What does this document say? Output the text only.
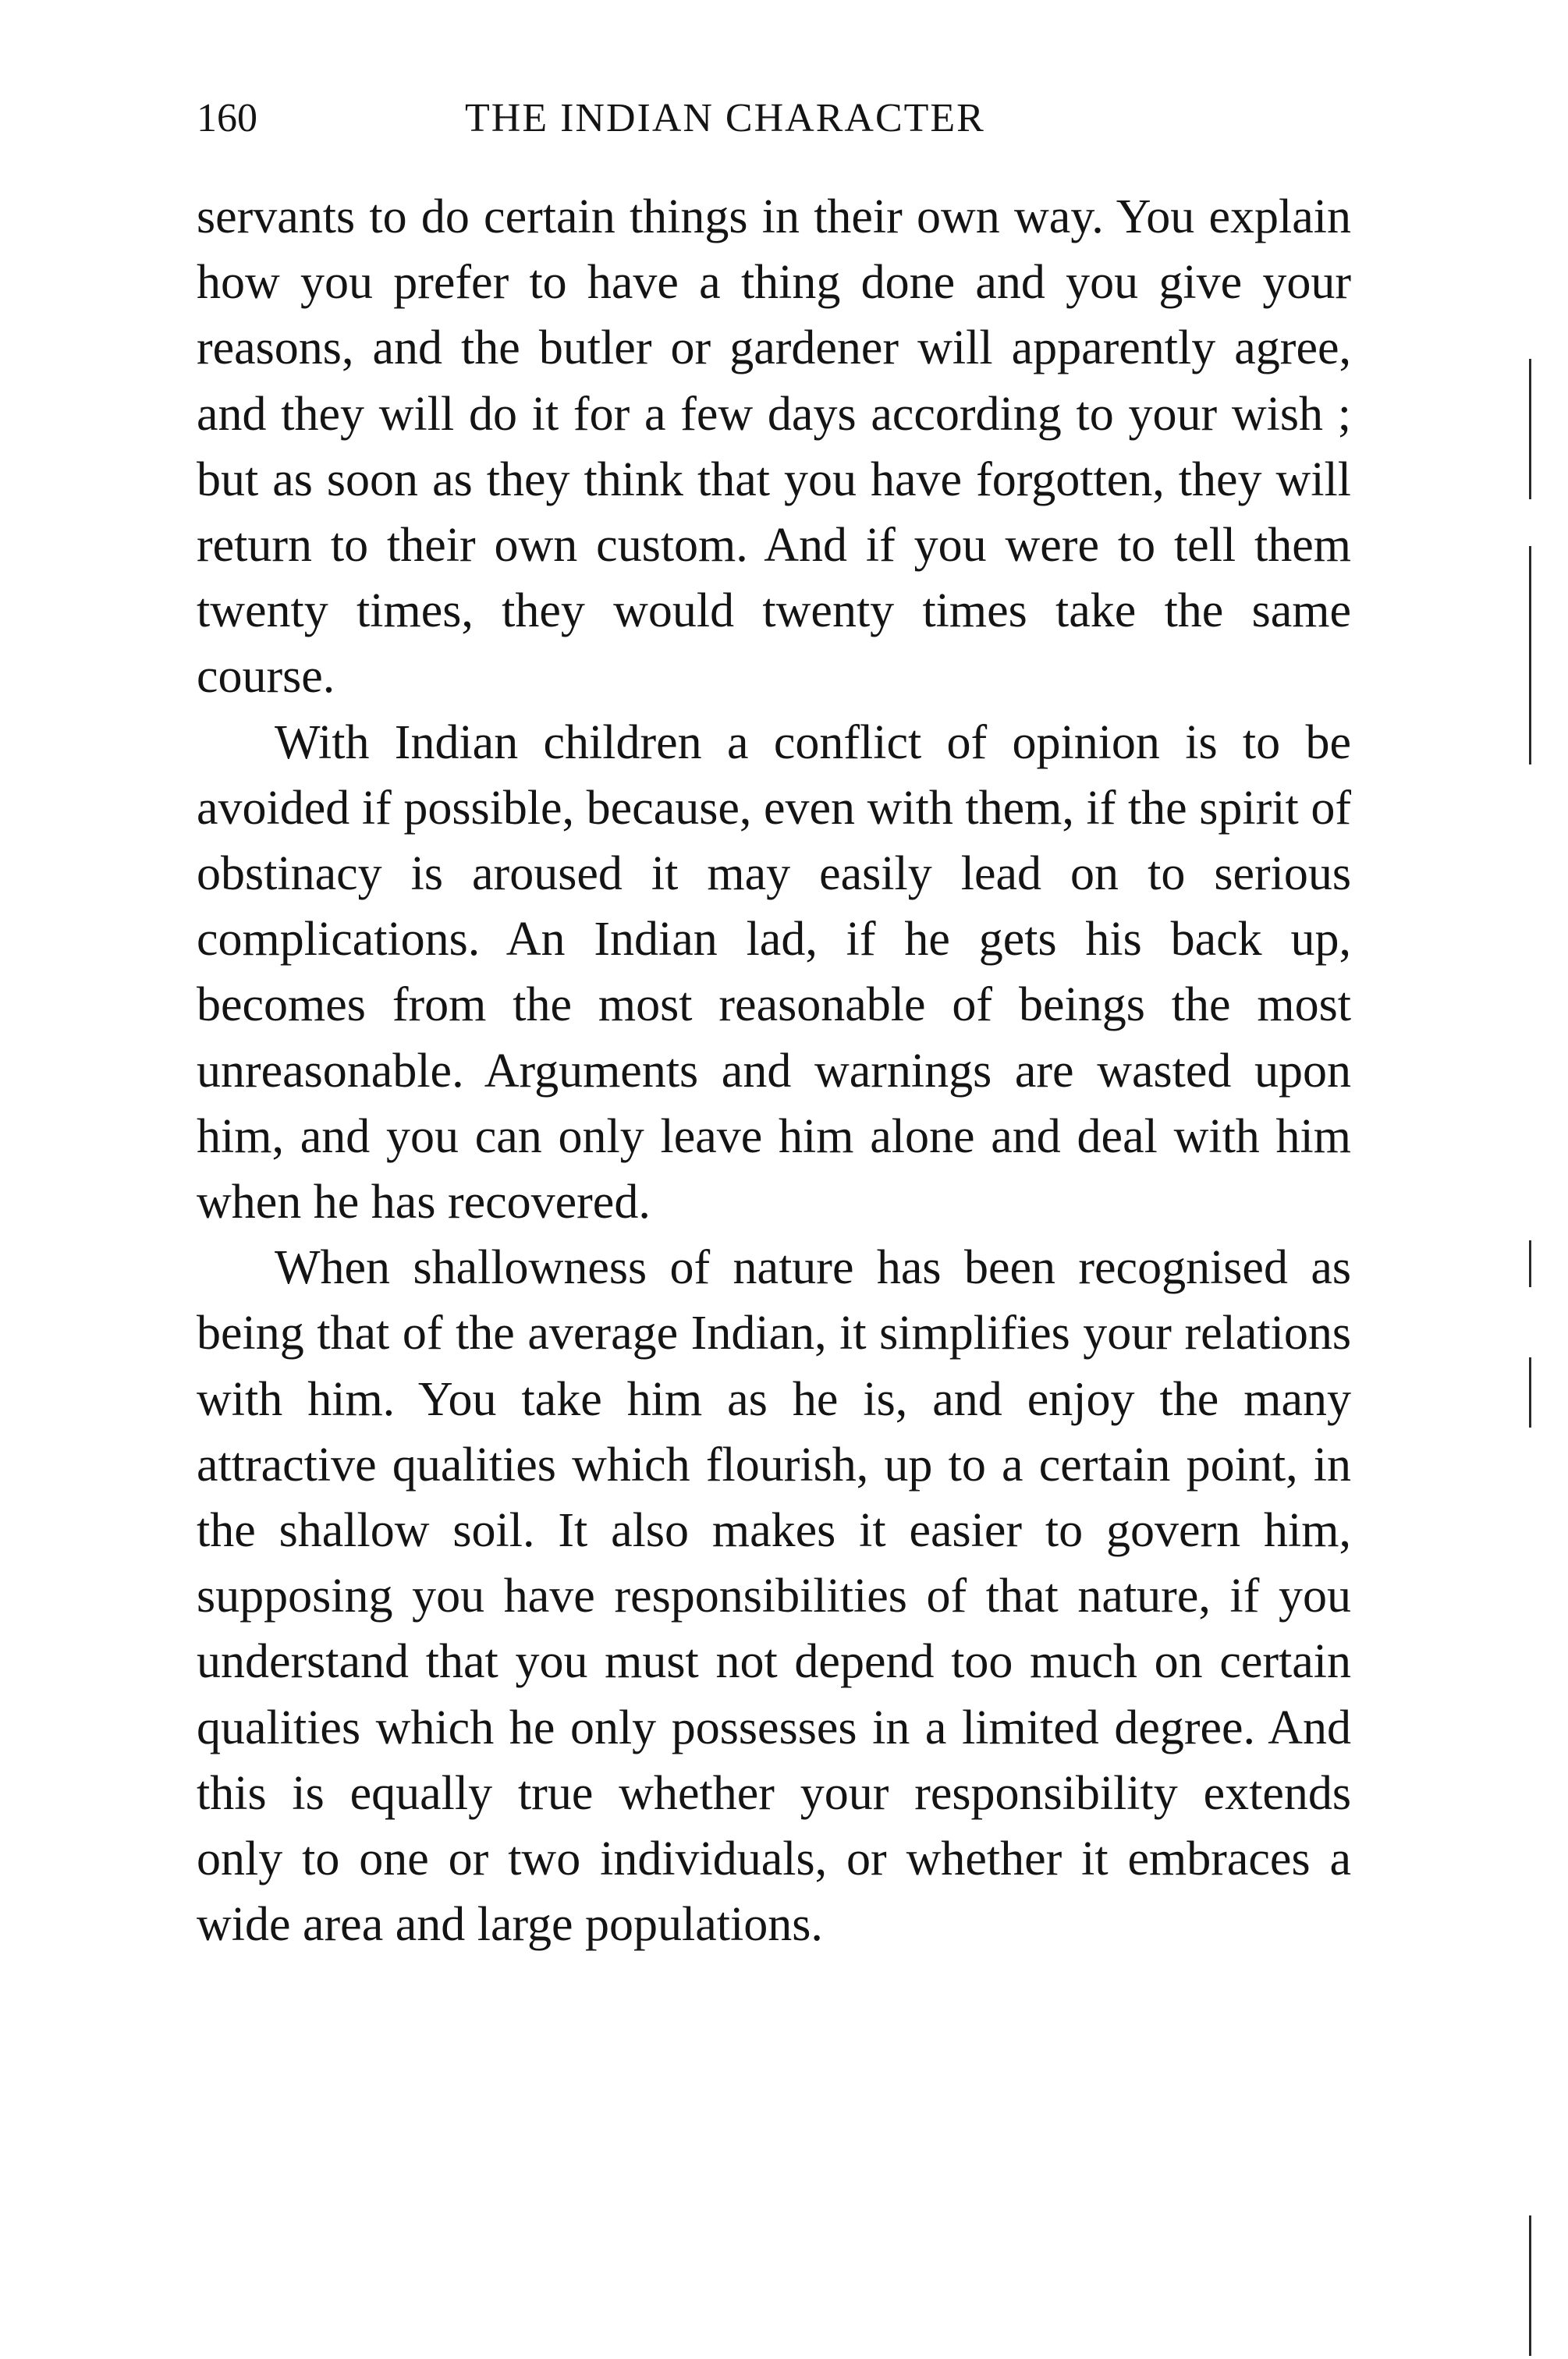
160	THE INDIAN CHARACTER

servants to do certain things in their own way. You explain how you prefer to have a thing done and you give your reasons, and the butler or gardener will apparently agree, and they will do it for a few days according to your wish ; but as soon as they think that you have forgotten, they will return to their own custom. And if you were to tell them twenty times, they would twenty times take the same course.

With Indian children a conflict of opinion is to be avoided if possible, because, even with them, if the spirit of obstinacy is aroused it may easily lead on to serious complications. An Indian lad, if he gets his back up, becomes from the most reasonable of beings the most unreasonable. Arguments and warnings are wasted upon him, and you can only leave him alone and deal with him when he has recovered.

When shallowness of nature has been recognised as being that of the average Indian, it simplifies your relations with him. You take him as he is, and enjoy the many attractive qualities which flourish, up to a certain point, in the shallow soil. It also makes it easier to govern him, supposing you have responsibilities of that nature, if you understand that you must not depend too much on certain qualities which he only possesses in a limited degree. And this is equally true whether your responsibility extends only to one or two individuals, or whether it embraces a wide area and large populations.
